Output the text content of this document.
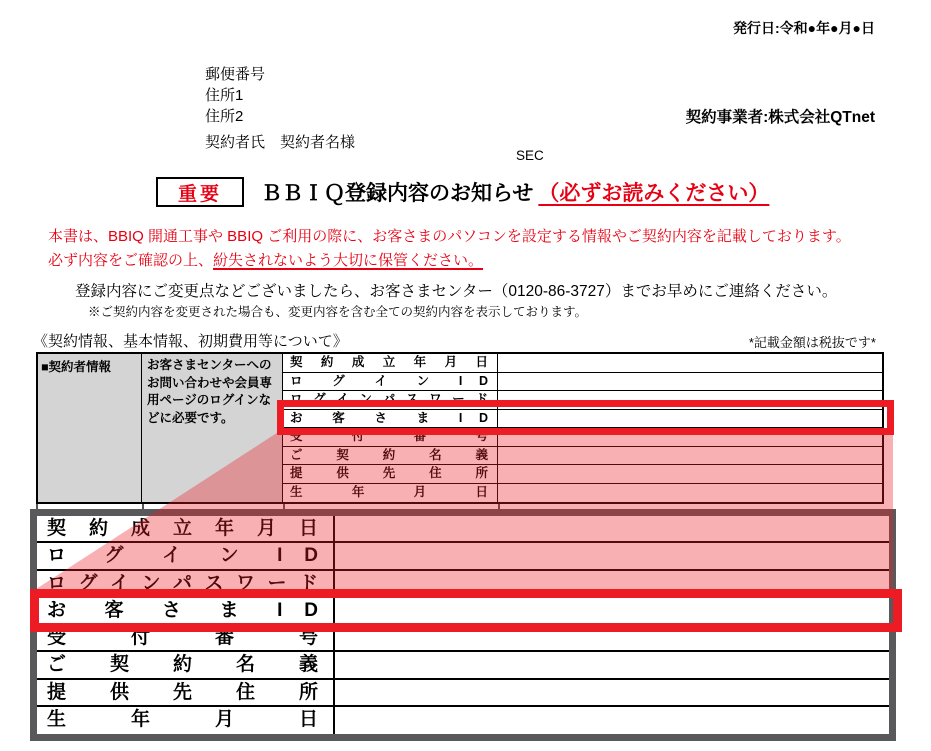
発行日:令和●年●月●日
郵便番号
住所1
住所2
契約者氏　契約者名様
契約事業者:株式会社QTnet
SEC
重要	ＢＢＩＱ登録内容のお知らせ （必ずお読みください）
本書は、BBIQ 開通工事や BBIQ ご利用の際に、お客さまのパソコンを設定する情報やご契約内容を記載しております。
必ず内容をご確認の上、紛失されないよう大切に保管ください。
登録内容にご変更点などございましたら、お客さまセンター（0120-86-3727）までお早めにご連絡ください。
※ご契約内容を変更された場合も、変更内容を含む全ての契約内容を表示しております。
《契約情報、基本情報、初期費用等について》	*記載金額は税抜です*
■契約者情報	お客さまセンターへのお問い合わせや会員専用ページのログインなどに必要です。
契 約 成 立 年 月 日
ロ グ イ ン I D
ロ グ イ ン パ ス ワ ー ド
お 客 さ ま I D
受 付 番 号
ご 契 約 名 義
提 供 先 住 所
生 年 月 日
契 約 成 立 年 月 日
ロ グ イ ン I D
ロ グ イ ン パ ス ワ ー ド
お 客 さ ま I D
受 付 番 号
ご 契 約 名 義
提 供 先 住 所
生 年 月 日
